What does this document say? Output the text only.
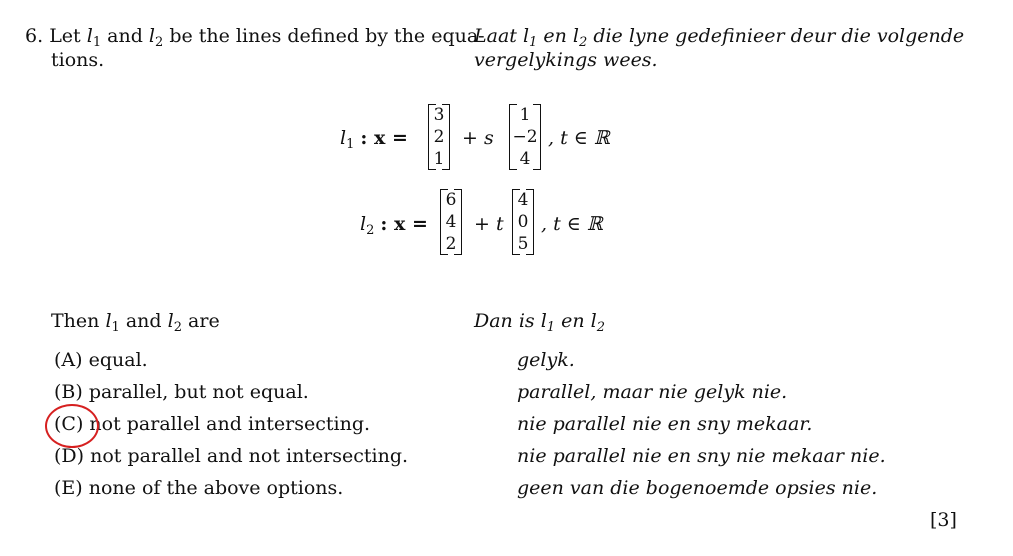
6. Let $l_1$ and $l_2$ be the lines defined by the equa-
tions.
Laat $l_1$ en $l_2$ die lyne gedefinieer deur die volgende
vergelykings wees.
$l_1$ : x =
3
2
1
+ s
1
−2
4
, t ∈ ℝ
$l_2$ : x =
6
4
2
+ t
4
0
5
, t ∈ ℝ
Then $l_1$ and $l_2$ are	Dan is $l_1$ en $l_2$
(A) equal.	gelyk.
(B) parallel, but not equal.	parallel, maar nie gelyk nie.
(C) not parallel and intersecting.	nie parallel nie en sny mekaar.
(D) not parallel and not intersecting.	nie parallel nie en sny nie mekaar nie.
(E) none of the above options.	geen van die bogenoemde opsies nie.
[3]
